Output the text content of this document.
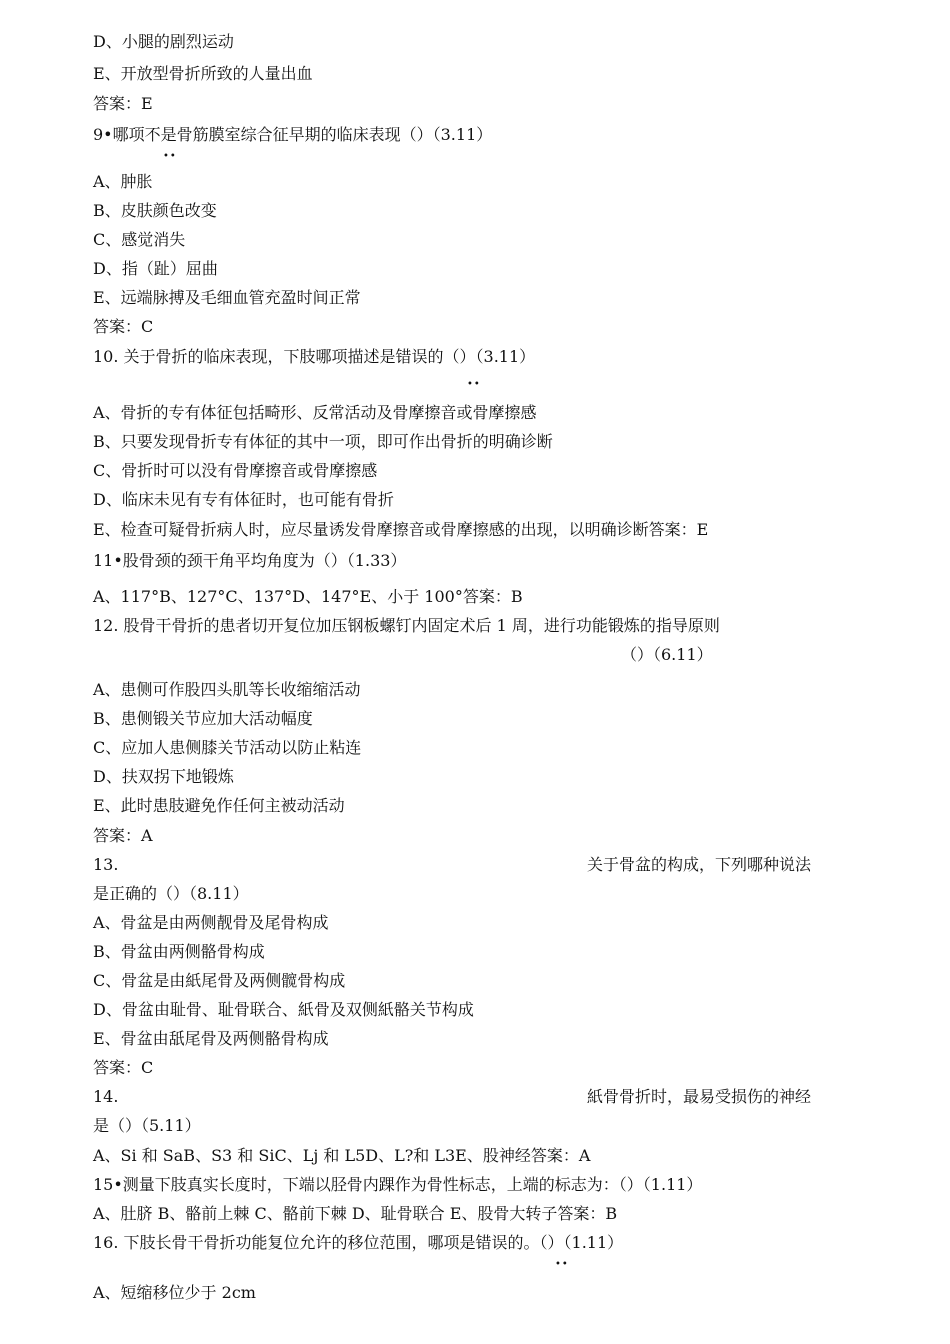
D、小腿的剧烈运动
E、开放型骨折所致的人量出血
答案：E
9•哪项不是骨筋膜室综合征早期的临床表现（）（3.11）
••
A、肿胀
B、皮肤颜色改变
C、感觉消失
D、指（趾）屈曲
E、远端脉搏及毛细血管充盈时间正常
答案：C
10. 关于骨折的临床表现，下肢哪项描述是错误的（）（3.11）
••
A、骨折的专有体征包括畸形、反常活动及骨摩擦音或骨摩擦感
B、只要发现骨折专有体征的其中一项，即可作出骨折的明确诊断
C、骨折时可以没有骨摩擦音或骨摩擦感
D、临床未见有专有体征时，也可能有骨折
E、检查可疑骨折病人时，应尽量诱发骨摩擦音或骨摩擦感的出现，以明确诊断答案：E
11•股骨颈的颈干角平均角度为（）（1.33）
A、117°B、127°C、137°D、147°E、小于 100°答案：B
12. 股骨干骨折的患者切开复位加压钢板螺钉内固定术后 1 周，进行功能锻炼的指导原则
（）（6.11）
A、患侧可作股四头肌等长收缩缩活动
B、患侧锻关节应加大活动幅度
C、应加人患侧膝关节活动以防止粘连
D、扶双拐下地锻炼
E、此时患肢避免作任何主被动活动
答案：A
13.	关于骨盆的构成，下列哪种说法
是正确的（）（8.11）
A、骨盆是由两侧靓骨及尾骨构成
B、骨盆由两侧骼骨构成
C、骨盆是由紙尾骨及两侧髋骨构成
D、骨盆由耻骨、耻骨联合、紙骨及双侧紙骼关节构成
E、骨盆由舐尾骨及两侧骼骨构成
答案：C
14.	紙骨骨折时，最易受损伤的神经
是（）（5.11）
A、Si 和 SaB、S3 和 SiC、Lj 和 L5D、L?和 L3E、股神经答案：A
15•测量下肢真实长度时，下端以胫骨内踝作为骨性标志，上端的标志为：（）（1.11）
A、肚脐 B、骼前上棘 C、骼前下棘 D、耻骨联合 E、股骨大转子答案：B
16. 下肢长骨干骨折功能复位允许的移位范围，哪项是错误的。（）（1.11）
••
A、短缩移位少于 2cm
